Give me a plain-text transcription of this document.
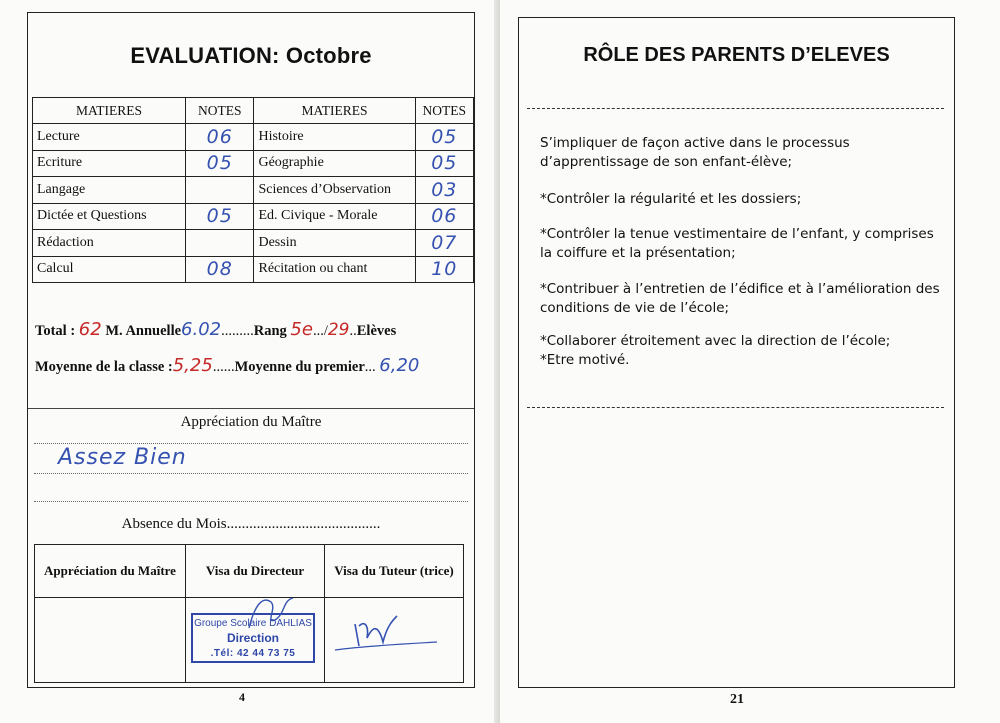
EVALUATION: Octobre
MATIERES	NOTES	MATIERES	NOTES
Lecture	06	Histoire	05
Ecriture	05	Géographie	05
Langage		Sciences d’Observation	03
Dictée et Questions	05	Ed. Civique - Morale	06
Rédaction		Dessin	07
Calcul	08	Récitation ou chant	10
Total : 62 M. Annuelle6.02.........Rang 5e.../29..Elèves
Moyenne de la classe :5,25......Moyenne du premier... 6,20
Appréciation du Maître
Assez Bien
Absence du Mois.........................................
Appréciation du Maître	Visa du Directeur	Visa du Tuteur (trice)

	Groupe Scolaire DAHLIAS
Direction
.Tél: 42 44 73 75

4
RÔLE DES PARENTS D’ELEVES
S’impliquer de façon active dans le processus d’apprentissage de son enfant-élève;
*Contrôler la régularité et les dossiers;
*Contrôler la tenue vestimentaire de l’enfant, y comprises la coiffure et la présentation;
*Contribuer à l’entretien de l’édifice et à l’amélioration des conditions de vie de l’école;
*Collaborer étroitement avec la direction de l’école;
*Etre motivé.
21
